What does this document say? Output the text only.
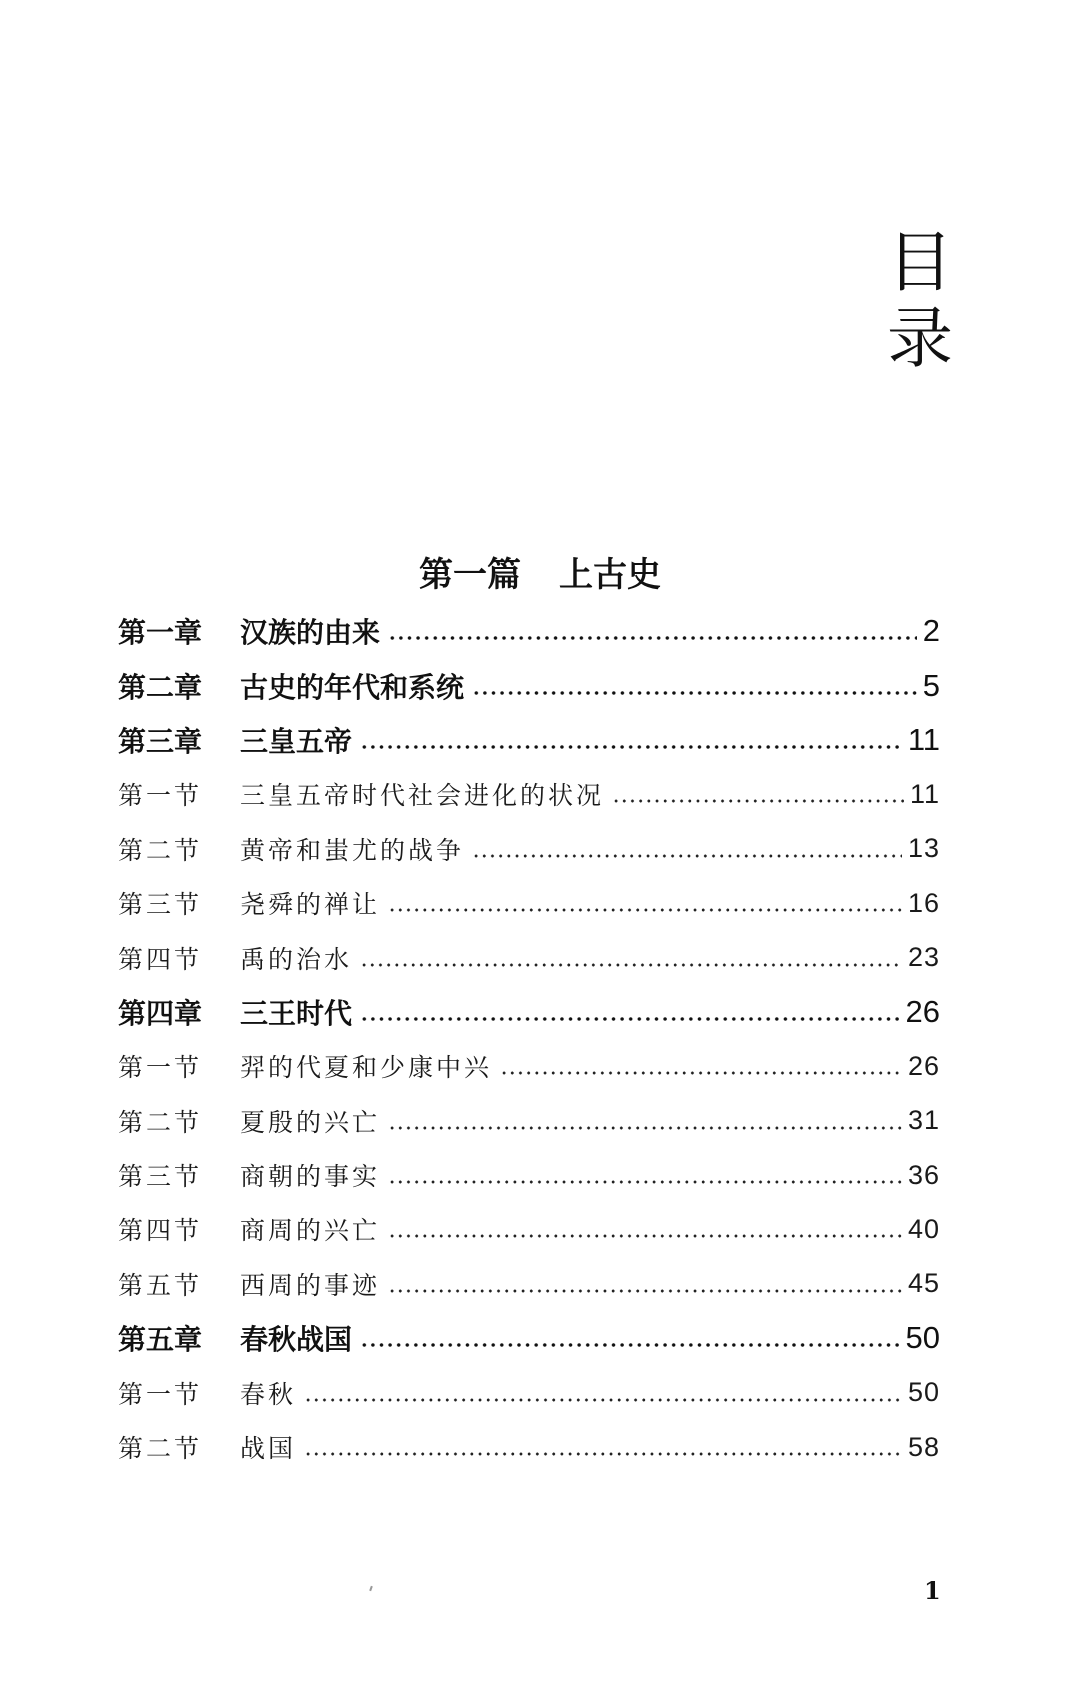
目
录
第一篇 上古史
第一章	汉族的由来	2
第二章	古史的年代和系统	5
第三章	三皇五帝	11
第一节	三皇五帝时代社会进化的状况	11
第二节	黄帝和蚩尤的战争	13
第三节	尧舜的禅让	16
第四节	禹的治水	23
第四章	三王时代	26
第一节	羿的代夏和少康中兴	26
第二节	夏殷的兴亡	31
第三节	商朝的事实	36
第四节	商周的兴亡	40
第五节	西周的事迹	45
第五章	春秋战国	50
第一节	春秋	50
第二节	战国	58
1
